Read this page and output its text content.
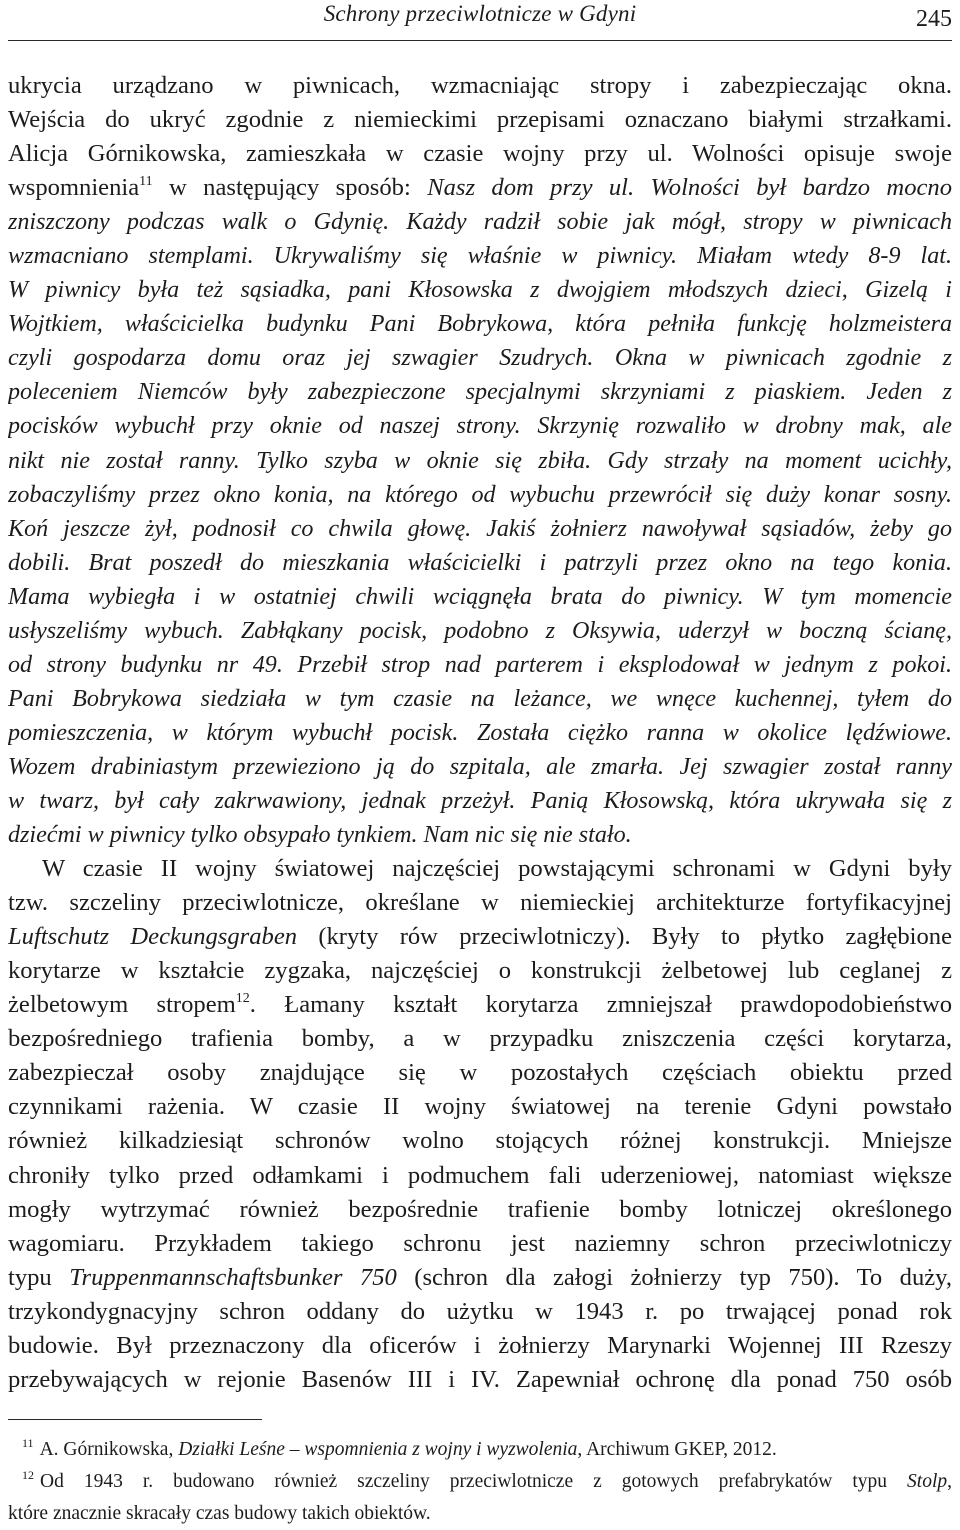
Schrony przeciwlotnicze w Gdyni	245
ukrycia urządzano w piwnicach, wzmacniając stropy i zabezpieczając okna.
Wejścia do ukryć zgodnie z niemieckimi przepisami oznaczano białymi strzałkami.
Alicja Górnikowska, zamieszkała w czasie wojny przy ul. Wolności opisuje swoje
wspomnienia$^{11}$ w następujący sposób: Nasz dom przy ul. Wolności był bardzo mocno
zniszczony podczas walk o Gdynię. Każdy radził sobie jak mógł, stropy w piwnicach
wzmacniano stemplami. Ukrywaliśmy się właśnie w piwnicy. Miałam wtedy 8-9 lat.
W piwnicy była też sąsiadka, pani Kłosowska z dwojgiem młodszych dzieci, Gizelą i
Wojtkiem, właścicielka budynku Pani Bobrykowa, która pełniła funkcję holzmeistera
czyli gospodarza domu oraz jej szwagier Szudrych. Okna w piwnicach zgodnie z
poleceniem Niemców były zabezpieczone specjalnymi skrzyniami z piaskiem. Jeden z
pocisków wybuchł przy oknie od naszej strony. Skrzynię rozwaliło w drobny mak, ale
nikt nie został ranny. Tylko szyba w oknie się zbiła. Gdy strzały na moment ucichły,
zobaczyliśmy przez okno konia, na którego od wybuchu przewrócił się duży konar sosny.
Koń jeszcze żył, podnosił co chwila głowę. Jakiś żołnierz nawoływał sąsiadów, żeby go
dobili. Brat poszedł do mieszkania właścicielki i patrzyli przez okno na tego konia.
Mama wybiegła i w ostatniej chwili wciągnęła brata do piwnicy. W tym momencie
usłyszeliśmy wybuch. Zabłąkany pocisk, podobno z Oksywia, uderzył w boczną ścianę,
od strony budynku nr 49. Przebił strop nad parterem i eksplodował w jednym z pokoi.
Pani Bobrykowa siedziała w tym czasie na leżance, we wnęce kuchennej, tyłem do
pomieszczenia, w którym wybuchł pocisk. Została ciężko ranna w okolice lędźwiowe.
Wozem drabiniastym przewieziono ją do szpitala, ale zmarła. Jej szwagier został ranny
w twarz, był cały zakrwawiony, jednak przeżył. Panią Kłosowską, która ukrywała się z
dziećmi w piwnicy tylko obsypało tynkiem. Nam nic się nie stało.
W czasie II wojny światowej najczęściej powstającymi schronami w Gdyni były
tzw. szczeliny przeciwlotnicze, określane w niemieckiej architekturze fortyfikacyjnej
Luftschutz Deckungsgraben (kryty rów przeciwlotniczy). Były to płytko zagłębione
korytarze w kształcie zygzaka, najczęściej o konstrukcji żelbetowej lub ceglanej z
żelbetowym stropem$^{12}$. Łamany kształt korytarza zmniejszał prawdopodobieństwo
bezpośredniego trafienia bomby, a w przypadku zniszczenia części korytarza,
zabezpieczał osoby znajdujące się w pozostałych częściach obiektu przed
czynnikami rażenia. W czasie II wojny światowej na terenie Gdyni powstało
również kilkadziesiąt schronów wolno stojących różnej konstrukcji. Mniejsze
chroniły tylko przed odłamkami i podmuchem fali uderzeniowej, natomiast większe
mogły wytrzymać również bezpośrednie trafienie bomby lotniczej określonego
wagomiaru. Przykładem takiego schronu jest naziemny schron przeciwlotniczy
typu Truppenmannschaftsbunker 750 (schron dla załogi żołnierzy typ 750). To duży,
trzykondygnacyjny schron oddany do użytku w 1943 r. po trwającej ponad rok
budowie. Był przeznaczony dla oficerów i żołnierzy Marynarki Wojennej III Rzeszy
przebywających w rejonie Basenów III i IV. Zapewniał ochronę dla ponad 750 osób
$^{11}$ A. Górnikowska, Działki Leśne – wspomnienia z wojny i wyzwolenia, Archiwum GKEP, 2012.
$^{12}$ Od 1943 r. budowano również szczeliny przeciwlotnicze z gotowych prefabrykatów typu Stolp,
które znacznie skracały czas budowy takich obiektów.
